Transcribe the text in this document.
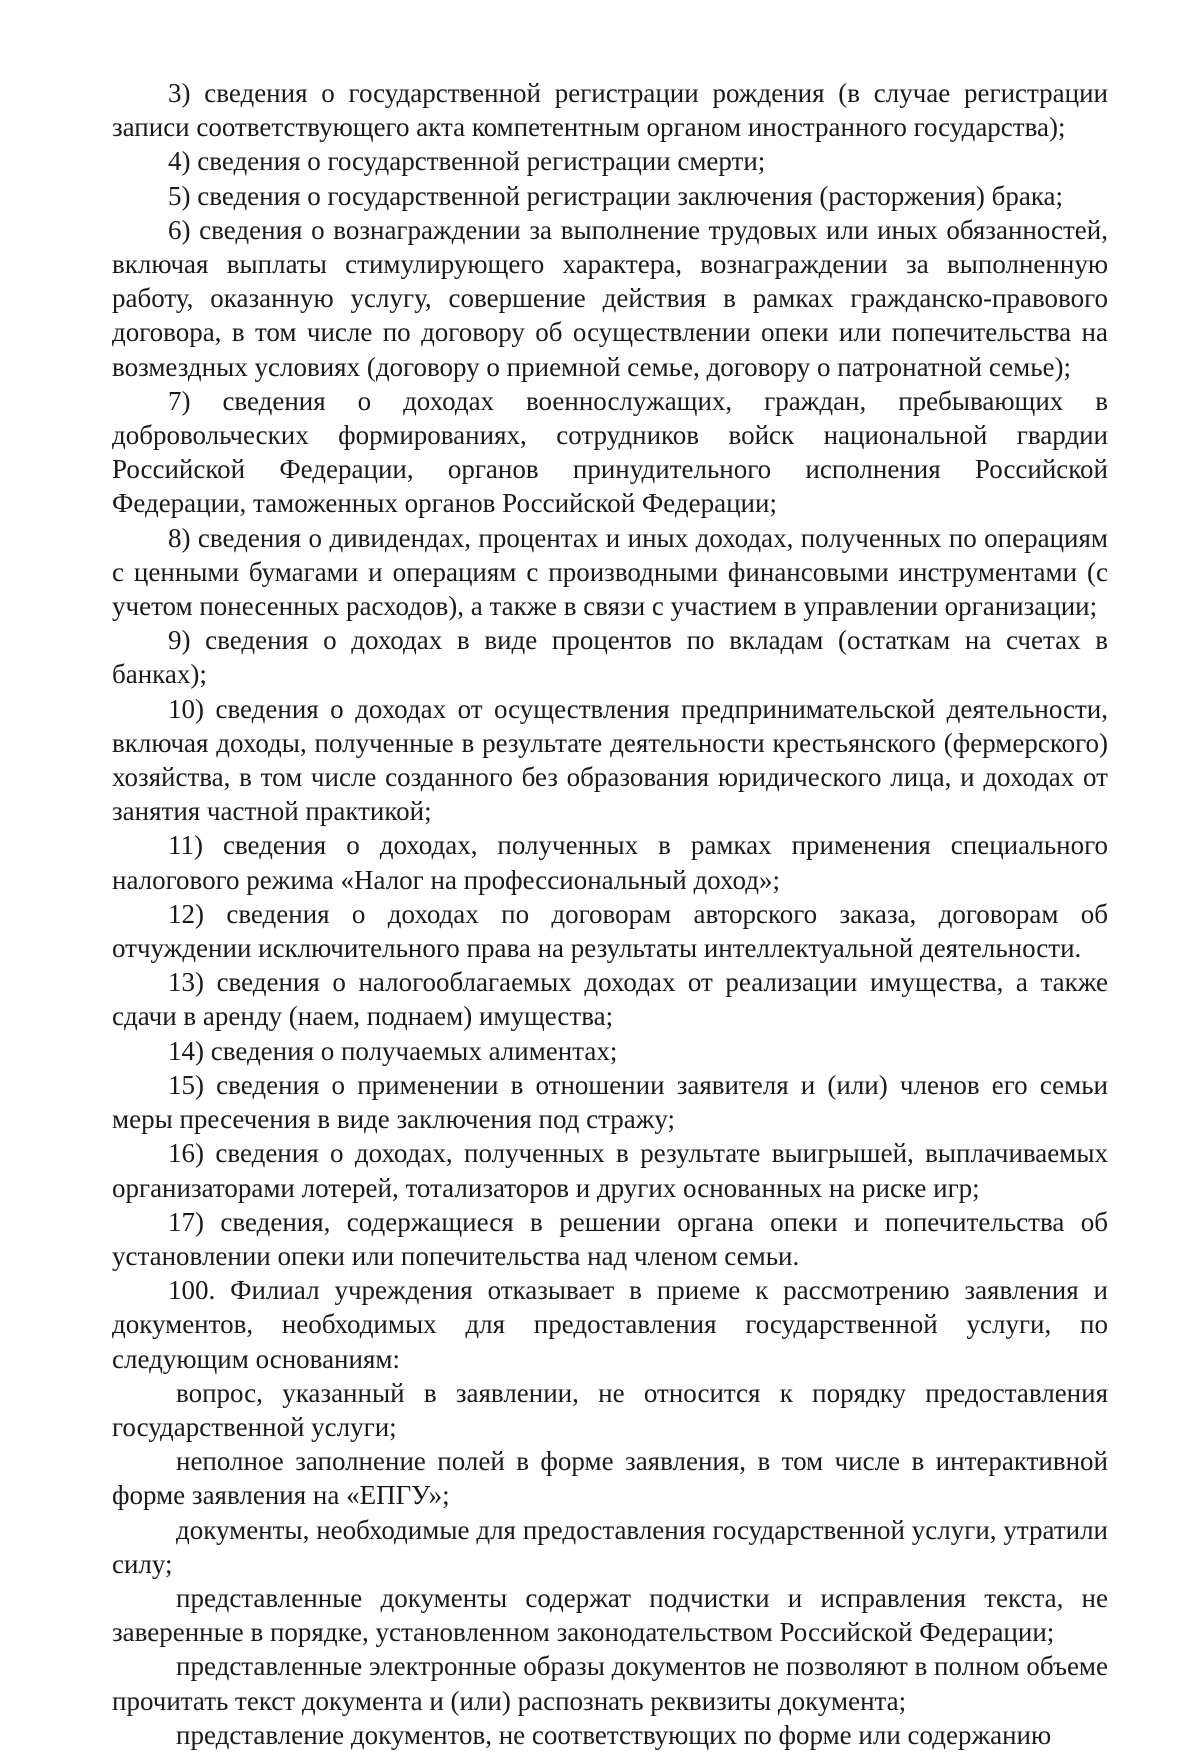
3) сведения о государственной регистрации рождения (в случае регистрации записи соответствующего акта компетентным органом иностранного государства);

4) сведения о государственной регистрации смерти;

5) сведения о государственной регистрации заключения (расторжения) брака;

6) сведения о вознаграждении за выполнение трудовых или иных обязанностей, включая выплаты стимулирующего характера, вознаграждении за выполненную работу, оказанную услугу, совершение действия в рамках гражданско-правового договора, в том числе по договору об осуществлении опеки или попечительства на возмездных условиях (договору о приемной семье, договору о патронатной семье);

7) сведения о доходах военнослужащих, граждан, пребывающих в добровольческих формированиях, сотрудников войск национальной гвардии Российской Федерации, органов принудительного исполнения Российской Федерации, таможенных органов Российской Федерации;

8) сведения о дивидендах, процентах и иных доходах, полученных по операциям с ценными бумагами и операциям с производными финансовыми инструментами (с учетом понесенных расходов), а также в связи с участием в управлении организации;

9) сведения о доходах в виде процентов по вкладам (остаткам на счетах в банках);

10) сведения о доходах от осуществления предпринимательской деятельности, включая доходы, полученные в результате деятельности крестьянского (фермерского) хозяйства, в том числе созданного без образования юридического лица, и доходах от занятия частной практикой;

11) сведения о доходах, полученных в рамках применения специального налогового режима «Налог на профессиональный доход»;

12) сведения о доходах по договорам авторского заказа, договорам об отчуждении исключительного права на результаты интеллектуальной деятельности.

13) сведения о налогооблагаемых доходах от реализации имущества, а также сдачи в аренду (наем, поднаем) имущества;

14) сведения о получаемых алиментах;

15) сведения о применении в отношении заявителя и (или) членов его семьи меры пресечения в виде заключения под стражу;

16) сведения о доходах, полученных в результате выигрышей, выплачиваемых организаторами лотерей, тотализаторов и других основанных на риске игр;

17) сведения, содержащиеся в решении органа опеки и попечительства об установлении опеки или попечительства над членом семьи.

100. Филиал учреждения отказывает в приеме к рассмотрению заявления и документов, необходимых для предоставления государственной услуги, по следующим основаниям:

вопрос, указанный в заявлении, не относится к порядку предоставления государственной услуги;

неполное заполнение полей в форме заявления, в том числе в интерактивной форме заявления на «ЕПГУ»;

документы, необходимые для предоставления государственной услуги, утратили силу;

представленные документы содержат подчистки и исправления текста, не заверенные в порядке, установленном законодательством Российской Федерации;

представленные электронные образы документов не позволяют в полном объеме прочитать текст документа и (или) распознать реквизиты документа;

представление документов, не соответствующих по форме или содержанию
